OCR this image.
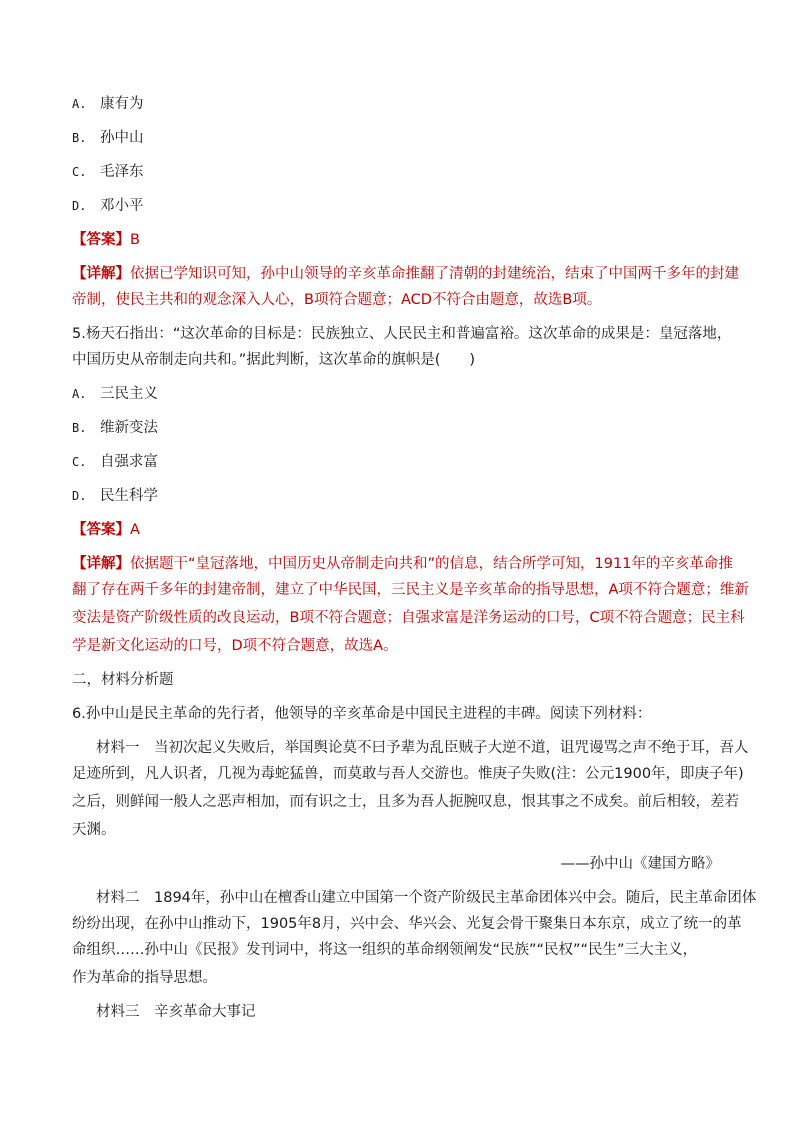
A. 康有为
B. 孙中山
C. 毛泽东
D. 邓小平
【答案】B
【详解】依据已学知识可知，孙中山领导的辛亥革命推翻了清朝的封建统治，结束了中国两千多年的封建
帝制，使民主共和的观念深入人心，B项符合题意；ACD不符合由题意，故选B项。
5.杨天石指出：“这次革命的目标是：民族独立、人民民主和普遍富裕。这次革命的成果是：皇冠落地，
中国历史从帝制走向共和。”据此判断，这次革命的旗帜是(　　)
A. 三民主义
B. 维新变法
C. 自强求富
D. 民生科学
【答案】A
【详解】依据题干“皇冠落地，中国历史从帝制走向共和”的信息，结合所学可知，1911年的辛亥革命推
翻了存在两千多年的封建帝制，建立了中华民国，三民主义是辛亥革命的指导思想，A项不符合题意；维新
变法是资产阶级性质的改良运动，B项不符合题意；自强求富是洋务运动的口号，C项不符合题意；民主科
学是新文化运动的口号，D项不符合题意，故选A。
二，材料分析题
6.孙中山是民主革命的先行者，他领导的辛亥革命是中国民主进程的丰碑。阅读下列材料：
材料一　当初次起义失败后，举国舆论莫不曰予辈为乱臣贼子大逆不道，诅咒谩骂之声不绝于耳，吾人
足迹所到，凡人识者，几视为毒蛇猛兽，而莫敢与吾人交游也。惟庚子失败(注：公元1900年，即庚子年)
之后，则鲜闻一般人之恶声相加，而有识之士，且多为吾人扼腕叹息，恨其事之不成矣。前后相较，差若
天渊。
——孙中山《建国方略》
材料二　1894年，孙中山在檀香山建立中国第一个资产阶级民主革命团体兴中会。随后，民主革命团体
纷纷出现，在孙中山推动下，1905年8月，兴中会、华兴会、光复会骨干聚集日本东京，成立了统一的革
命组织……孙中山《民报》发刊词中，将这一组织的革命纲领阐发“民族”“民权”“民生”三大主义，
作为革命的指导思想。
材料三　辛亥革命大事记
